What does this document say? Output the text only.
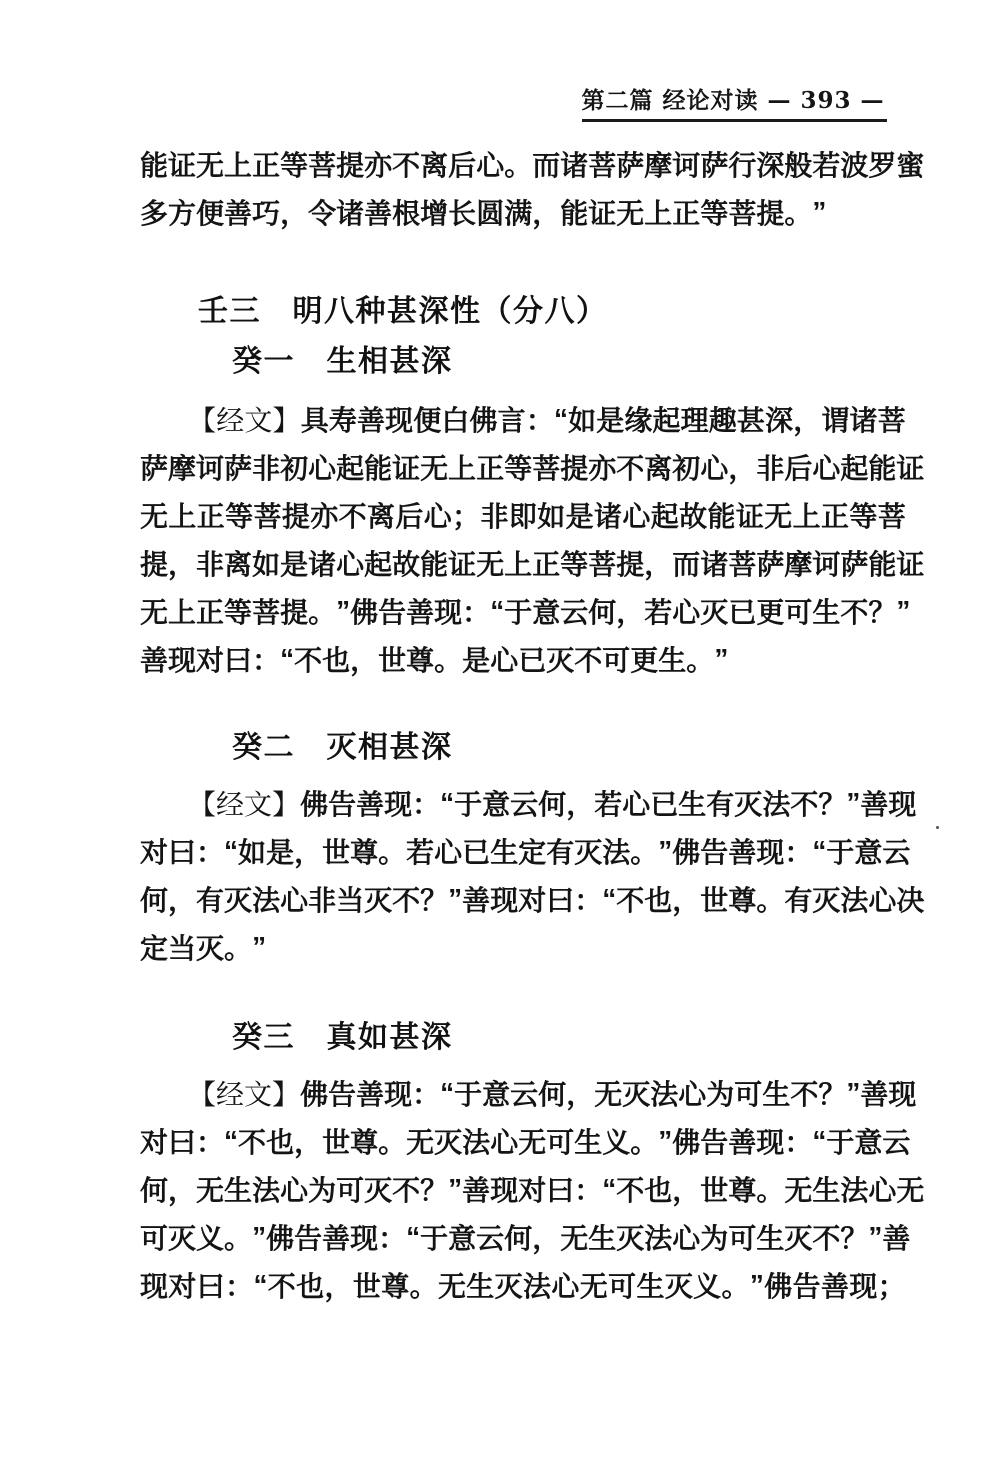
第二篇 经论对读 — 393 —
能 证 无 上 正 等 菩 提 亦 不 离 后 心 。 而 诸 菩 萨 摩 诃 萨 行 深 般 若 波 罗 蜜
多 方 便 善 巧 ， 令 诸 善 根 增 长 圆 满 ， 能 证 无 上 正 等 菩 提 。 ”
壬三　明八种甚深性（分八）
癸一　生相甚深
【 经 文 】 具 寿 善 现 便 白 佛 言 ： “ 如 是 缘 起 理 趣 甚 深 ， 谓 诸 菩
萨 摩 诃 萨 非 初 心 起 能 证 无 上 正 等 菩 提 亦 不 离 初 心 ， 非 后 心 起 能 证
无 上 正 等 菩 提 亦 不 离 后 心 ； 非 即 如 是 诸 心 起 故 能 证 无 上 正 等 菩
提 ， 非 离 如 是 诸 心 起 故 能 证 无 上 正 等 菩 提 ， 而 诸 菩 萨 摩 诃 萨 能 证
无 上 正 等 菩 提 。 ” 佛 告 善 现 ： “ 于 意 云 何 ， 若 心 灭 已 更 可 生 不 ？ ”
善 现 对 曰 ： “ 不 也 ， 世 尊 。 是 心 已 灭 不 可 更 生 。 ”
癸二　灭相甚深
【 经 文 】 佛 告 善 现 ： “ 于 意 云 何 ， 若 心 已 生 有 灭 法 不 ？ ” 善 现
对 曰 ： “ 如 是 ， 世 尊 。 若 心 已 生 定 有 灭 法 。 ” 佛 告 善 现 ： “ 于 意 云
何 ， 有 灭 法 心 非 当 灭 不 ？ ” 善 现 对 曰 ： “ 不 也 ， 世 尊 。 有 灭 法 心 决
定 当 灭 。 ”
癸三　真如甚深
【 经 文 】 佛 告 善 现 ： “ 于 意 云 何 ， 无 灭 法 心 为 可 生 不 ？ ” 善 现
对 曰 ： “ 不 也 ， 世 尊 。 无 灭 法 心 无 可 生 义 。 ” 佛 告 善 现 ： “ 于 意 云
何 ， 无 生 法 心 为 可 灭 不 ？ ” 善 现 对 曰 ： “ 不 也 ， 世 尊 。 无 生 法 心 无
可 灭 义 。 ” 佛 告 善 现 ： “ 于 意 云 何 ， 无 生 灭 法 心 为 可 生 灭 不 ？ ” 善
现 对 曰 ： “ 不 也 ， 世 尊 。 无 生 灭 法 心 无 可 生 灭 义 。 ” 佛 告 善 现 ；
